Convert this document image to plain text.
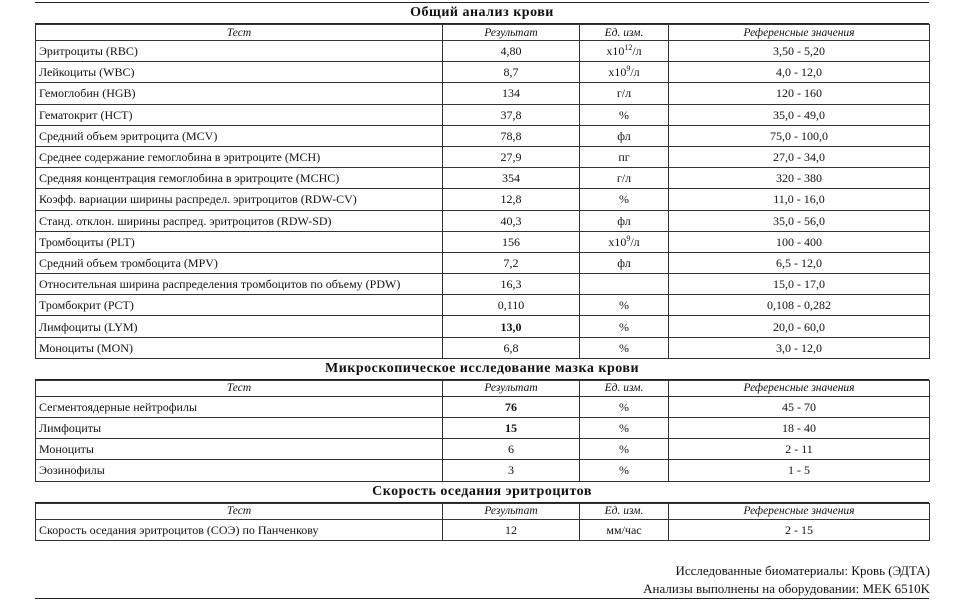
Общий анализ крови
Тест	Результат	Ед. изм.	Референсные значения
Эритроциты (RBC)	4,80	$x10^{12}/л$	3,50 - 5,20
Лейкоциты (WBC)	8,7	$x10^9/л$	4,0 - 12,0
Гемоглобин (HGB)	134	г/л	120 - 160
Гематокрит (HCT)	37,8	%	35,0 - 49,0
Средний объем эритроцита (MCV)	78,8	фл	75,0 - 100,0
Среднее содержание гемоглобина в эритроците (MCH)	27,9	пг	27,0 - 34,0
Средняя концентрация гемоглобина в эритроците (MCHC)	354	г/л	320 - 380
Коэфф. вариации ширины распредел. эритроцитов (RDW-CV)	12,8	%	11,0 - 16,0
Станд. отклон. ширины распред. эритроцитов (RDW-SD)	40,3	фл	35,0 - 56,0
Тромбоциты (PLT)	156	$x10^9/л$	100 - 400
Средний объем тромбоцита (MPV)	7,2	фл	6,5 - 12,0
Относительная ширина распределения тромбоцитов по объему (PDW)	16,3		15,0 - 17,0
Тромбокрит (PCT)	0,110	%	0,108 - 0,282
Лимфоциты (LYM)	13,0	%	20,0 - 60,0
Моноциты (MON)	6,8	%	3,0 - 12,0
Микроскопическое исследование мазка крови
Тест	Результат	Ед. изм.	Референсные значения
Сегментоядерные нейтрофилы	76	%	45 - 70
Лимфоциты	15	%	18 - 40
Моноциты	6	%	2 - 11
Эозинофилы	3	%	1 - 5
Скорость оседания эритроцитов
Тест	Результат	Ед. изм.	Референсные значения
Скорость оседания эритроцитов (СОЭ) по Панченкову	12	мм/час	2 - 15
Исследованные биоматериалы: Кровь (ЭДТА)
Анализы выполнены на оборудовании: MEK 6510K
